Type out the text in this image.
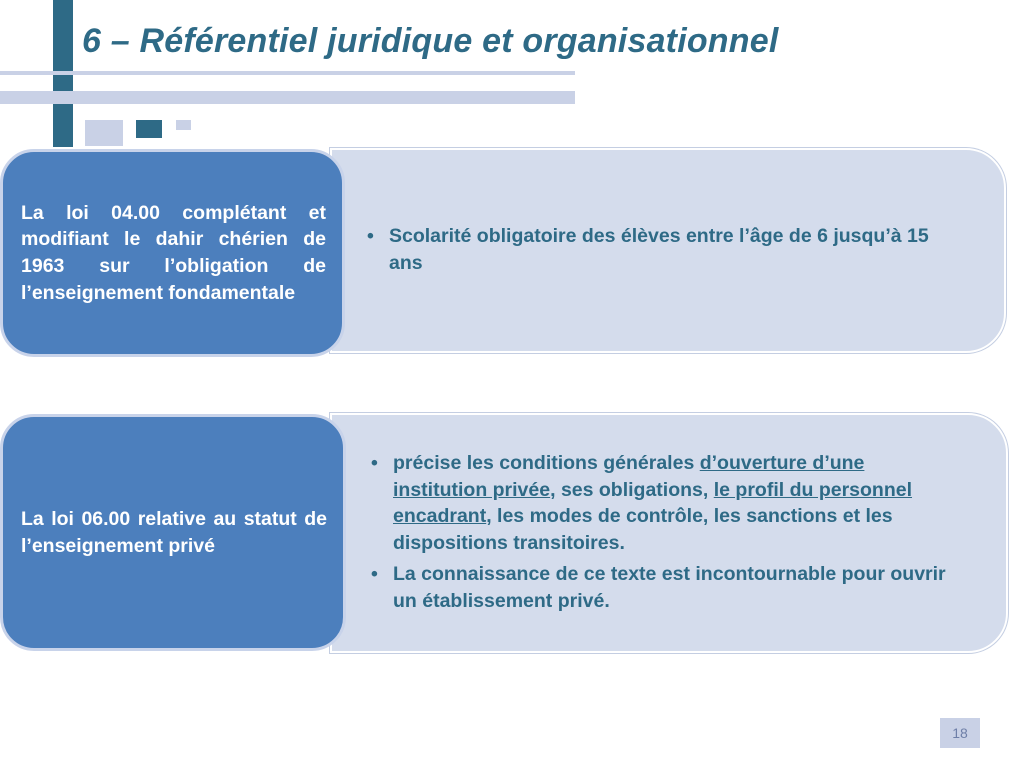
6 – Référentiel juridique et organisationnel

La loi 04.00 complétant et modifiant le dahir chérien de 1963 sur l’obligation de l’enseignement fondamentale

• Scolarité obligatoire des élèves entre l’âge de 6 jusqu’à 15 ans

La loi 06.00 relative au statut de l’enseignement privé

• précise les conditions générales d’ouverture d’une institution privée, ses obligations, le profil du personnel encadrant, les modes de contrôle, les sanctions et les dispositions transitoires.
• La connaissance de ce texte est incontournable pour ouvrir un établissement privé.
18
